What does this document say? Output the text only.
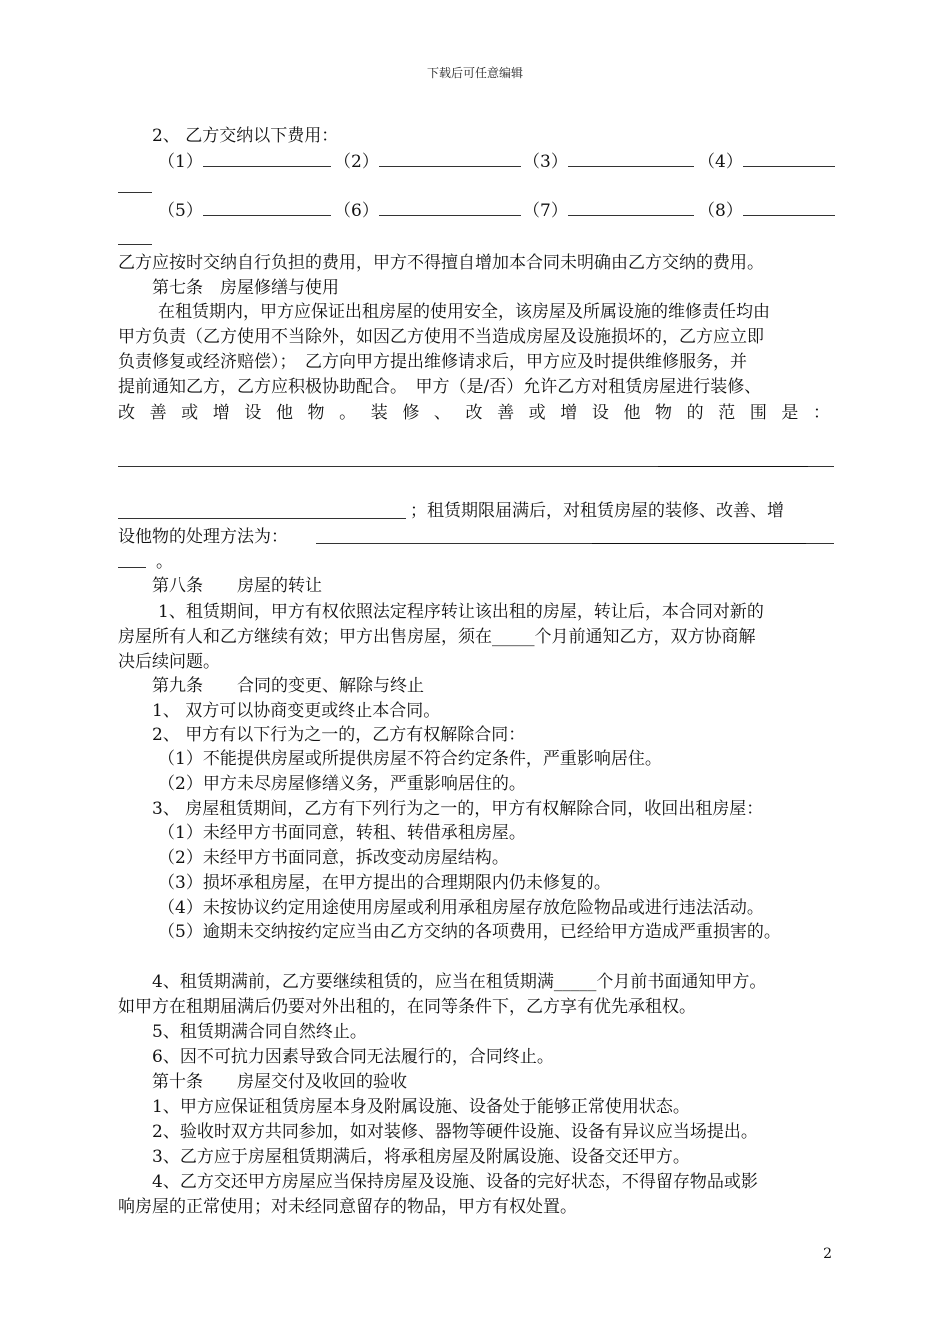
下载后可任意编辑
2、 乙方交纳以下费用：
（1）	（2）	（3）	（4）
（5）	（6）	（7）	（8）
乙方应按时交纳自行负担的费用，甲方不得擅自增加本合同未明确由乙方交纳的费用。
第七条　房屋修缮与使用
在租赁期内，甲方应保证出租房屋的使用安全，该房屋及所属设施的维修责任均由
甲方负责（乙方使用不当除外，如因乙方使用不当造成房屋及设施损坏的，乙方应立即
负责修复或经济赔偿）；　乙方向甲方提出维修请求后，甲方应及时提供维修服务，并
提前通知乙方，乙方应积极协助配合。　甲方（是/否）允许乙方对租赁房屋进行装修、
改善或增设他物。装修、改善或增设他物的范围是：
；租赁期限届满后，对租赁房屋的装修、改善、增
设他物的处理方法为：
。
第八条　　房屋的转让
1、租赁期间，甲方有权依照法定程序转让该出租的房屋，转让后，本合同对新的
房屋所有人和乙方继续有效；甲方出售房屋，须在_____个月前通知乙方，双方协商解
决后续问题。
第九条　　合同的变更、解除与终止
1、 双方可以协商变更或终止本合同。
2、 甲方有以下行为之一的，乙方有权解除合同：
（1）不能提供房屋或所提供房屋不符合约定条件，严重影响居住。
（2）甲方未尽房屋修缮义务，严重影响居住的。
3、 房屋租赁期间，乙方有下列行为之一的，甲方有权解除合同，收回出租房屋：
（1）未经甲方书面同意，转租、转借承租房屋。
（2）未经甲方书面同意，拆改变动房屋结构。
（3）损坏承租房屋，在甲方提出的合理期限内仍未修复的。
（4）未按协议约定用途使用房屋或利用承租房屋存放危险物品或进行违法活动。
（5）逾期未交纳按约定应当由乙方交纳的各项费用，已经给甲方造成严重损害的。
4、租赁期满前，乙方要继续租赁的，应当在租赁期满_____个月前书面通知甲方。
如甲方在租期届满后仍要对外出租的，在同等条件下，乙方享有优先承租权。
5、租赁期满合同自然终止。
6、因不可抗力因素导致合同无法履行的，合同终止。
第十条　　房屋交付及收回的验收
1、甲方应保证租赁房屋本身及附属设施、设备处于能够正常使用状态。
2、验收时双方共同参加，如对装修、器物等硬件设施、设备有异议应当场提出。
3、乙方应于房屋租赁期满后，将承租房屋及附属设施、设备交还甲方。
4、乙方交还甲方房屋应当保持房屋及设施、设备的完好状态，不得留存物品或影
响房屋的正常使用；对未经同意留存的物品，甲方有权处置。
2
